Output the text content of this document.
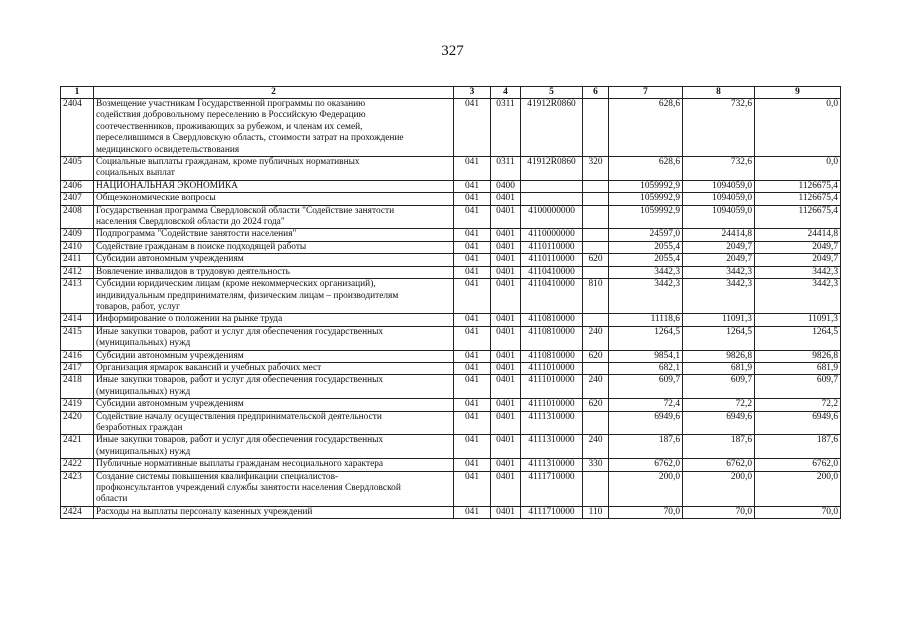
327
1	2	3	4	5	6	7	8	9
2404	Возмещение участникам Государственной программы по оказанию
содействия добровольному переселению в Российскую Федерацию
соотечественников, проживающих за рубежом, и членам их семей,
переселившимся в Свердловскую область, стоимости затрат на прохождение
медицинского освидетельствования	041	0311	41912R0860		628,6	732,6	0,0
2405	Социальные выплаты гражданам, кроме публичных нормативных
социальных выплат	041	0311	41912R0860	320	628,6	732,6	0,0
2406	НАЦИОНАЛЬНАЯ ЭКОНОМИКА	041	0400			1059992,9	1094059,0	1126675,4
2407	Общеэкономические вопросы	041	0401			1059992,9	1094059,0	1126675,4
2408	Государственная программа Свердловской области "Содействие занятости
населения Свердловской области до 2024 года"	041	0401	4100000000		1059992,9	1094059,0	1126675,4
2409	Подпрограмма "Содействие занятости населения"	041	0401	4110000000		24597,0	24414,8	24414,8
2410	Содействие гражданам в поиске подходящей работы	041	0401	4110110000		2055,4	2049,7	2049,7
2411	Субсидии автономным учреждениям	041	0401	4110110000	620	2055,4	2049,7	2049,7
2412	Вовлечение инвалидов в трудовую деятельность	041	0401	4110410000		3442,3	3442,3	3442,3
2413	Субсидии юридическим лицам (кроме некоммерческих организаций),
индивидуальным предпринимателям, физическим лицам – производителям
товаров, работ, услуг	041	0401	4110410000	810	3442,3	3442,3	3442,3
2414	Информирование о положении на рынке труда	041	0401	4110810000		11118,6	11091,3	11091,3
2415	Иные закупки товаров, работ и услуг для обеспечения государственных
(муниципальных) нужд	041	0401	4110810000	240	1264,5	1264,5	1264,5
2416	Субсидии автономным учреждениям	041	0401	4110810000	620	9854,1	9826,8	9826,8
2417	Организация ярмарок вакансий и учебных рабочих мест	041	0401	4111010000		682,1	681,9	681,9
2418	Иные закупки товаров, работ и услуг для обеспечения государственных
(муниципальных) нужд	041	0401	4111010000	240	609,7	609,7	609,7
2419	Субсидии автономным учреждениям	041	0401	4111010000	620	72,4	72,2	72,2
2420	Содействие началу осуществления предпринимательской деятельности
безработных граждан	041	0401	4111310000		6949,6	6949,6	6949,6
2421	Иные закупки товаров, работ и услуг для обеспечения государственных
(муниципальных) нужд	041	0401	4111310000	240	187,6	187,6	187,6
2422	Публичные нормативные выплаты гражданам несоциального характера	041	0401	4111310000	330	6762,0	6762,0	6762,0
2423	Создание системы повышения квалификации специалистов-
профконсультантов учреждений службы занятости населения Свердловской
области	041	0401	4111710000		200,0	200,0	200,0
2424	Расходы на выплаты персоналу казенных учреждений	041	0401	4111710000	110	70,0	70,0	70,0
